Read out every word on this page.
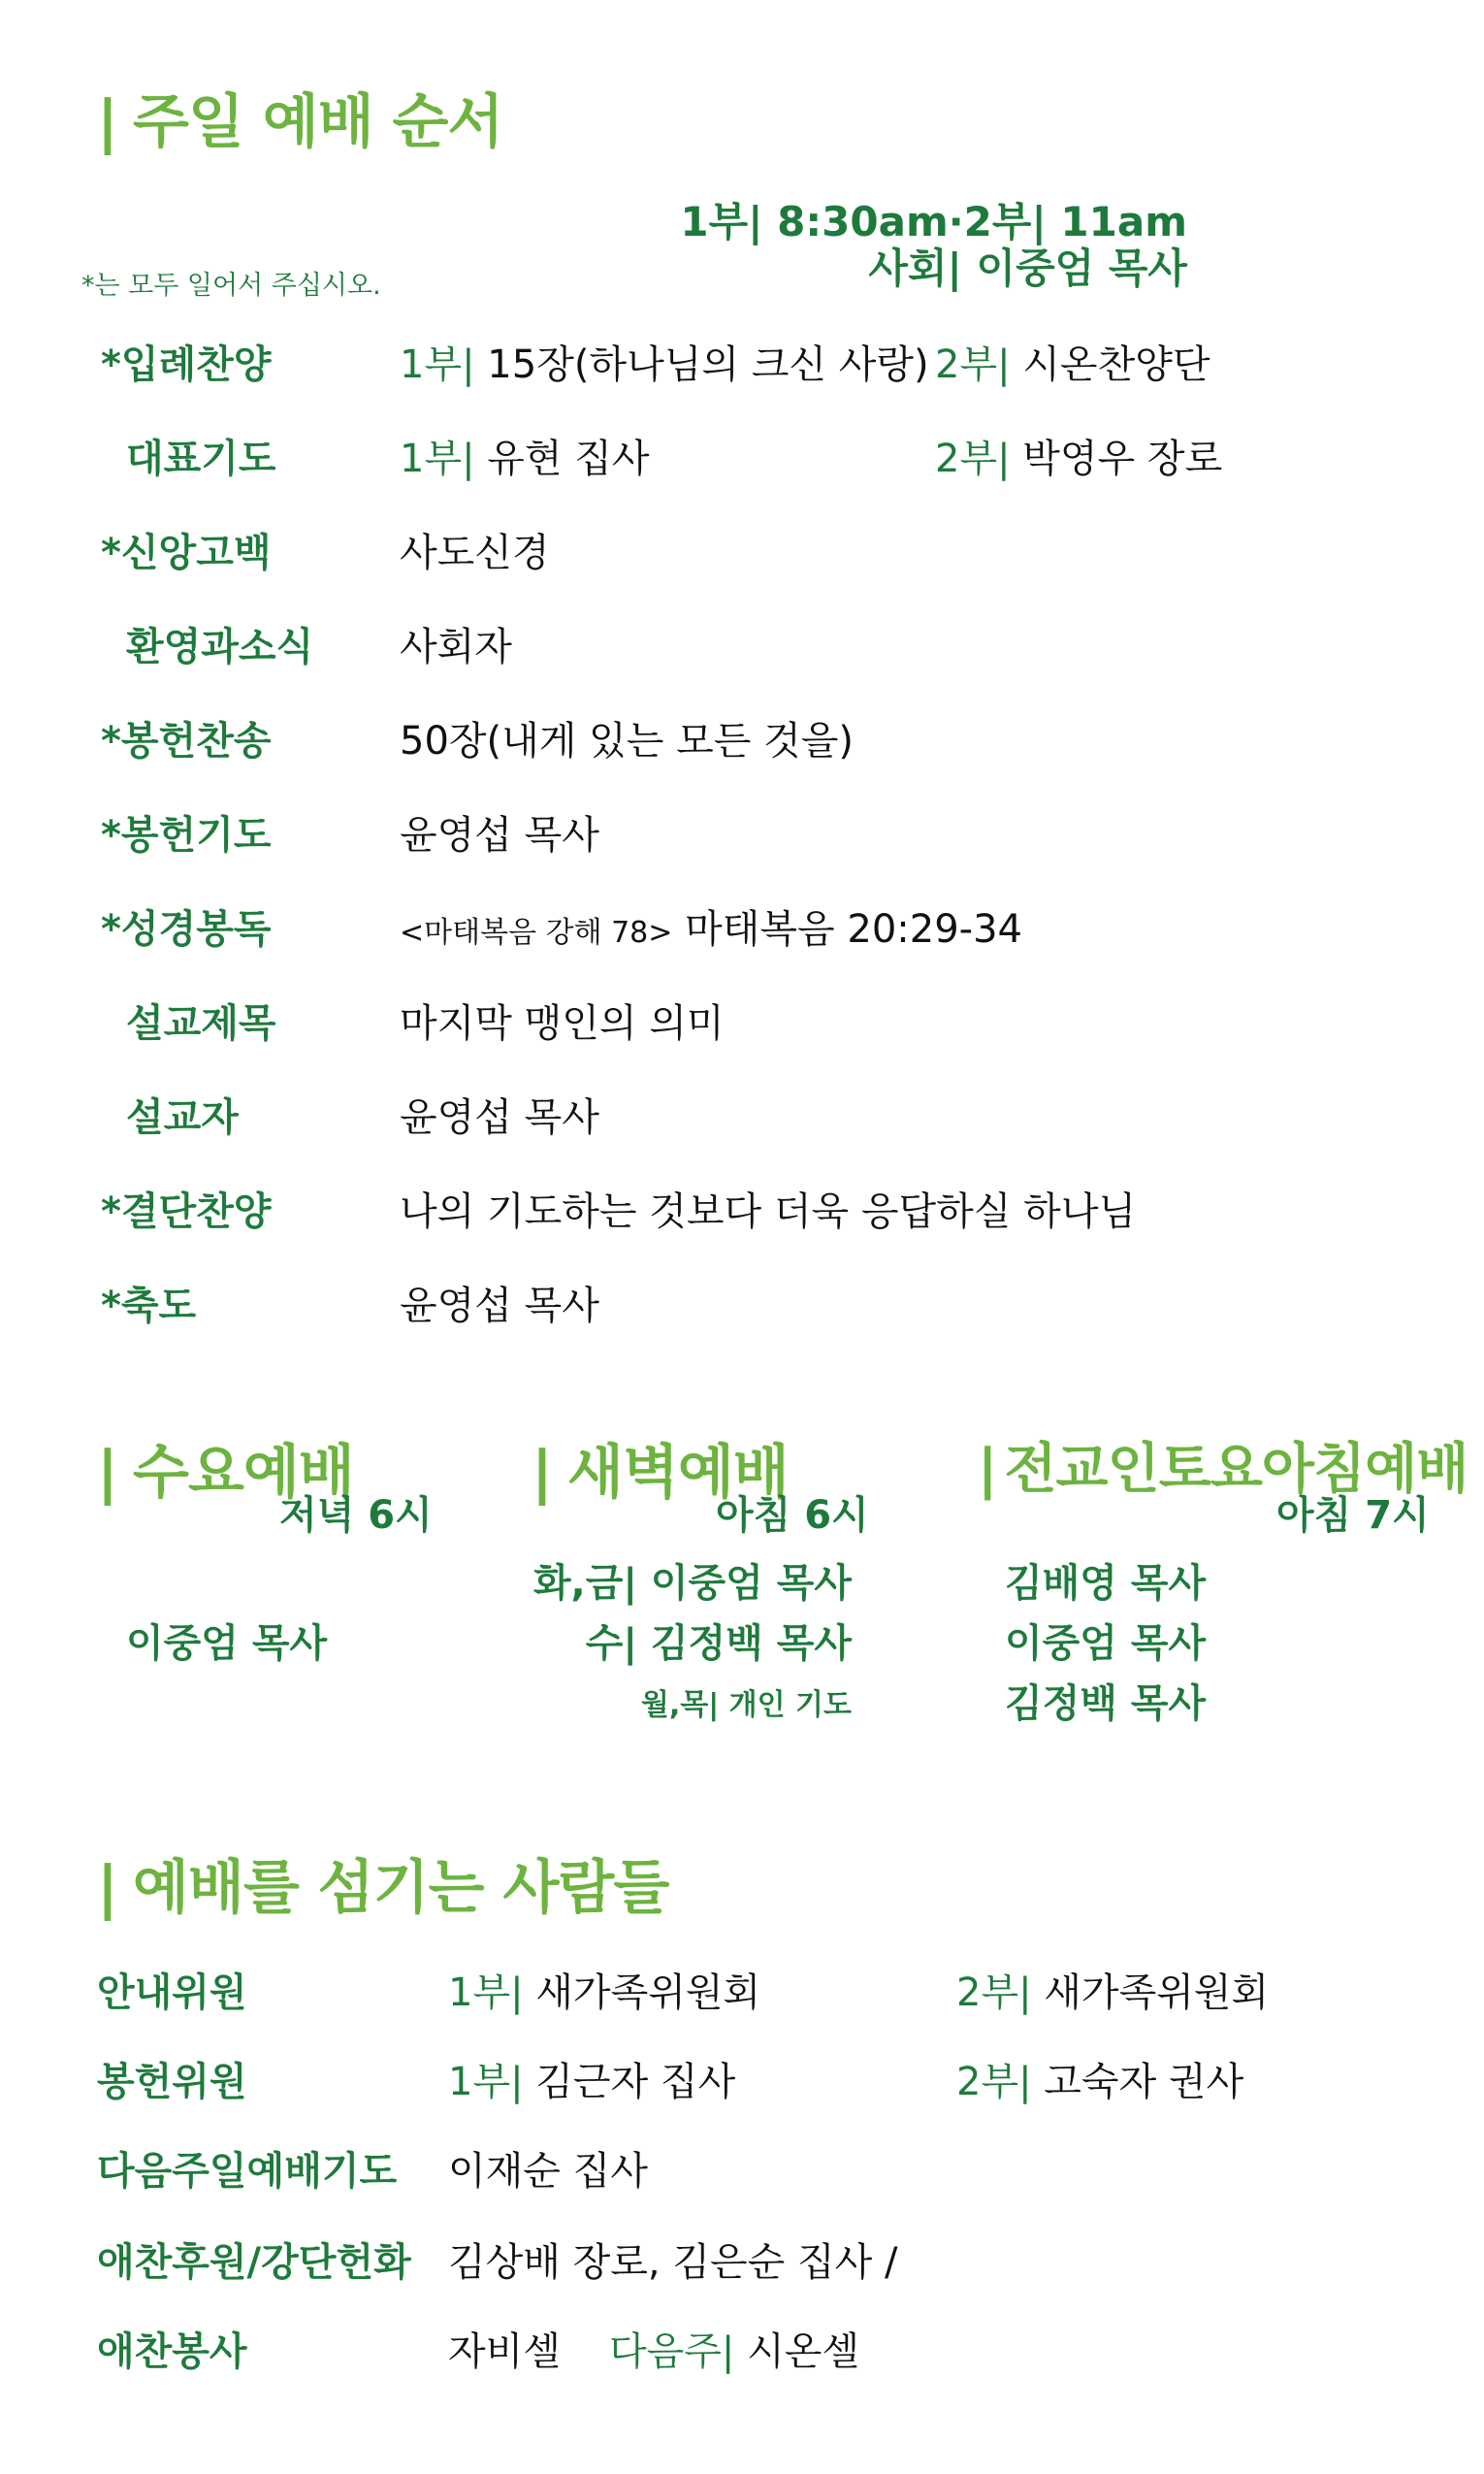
| 주일 예배 순서
1부| 8:30am·2부| 11am
사회| 이중엄 목사
*는 모두 일어서 주십시오.
*입례찬양	1부| 15장(하나님의 크신 사랑) 2부| 시온찬양단
대표기도	1부| 유현 집사	2부| 박영우 장로
*신앙고백	사도신경
환영과소식 사회자
*봉헌찬송	50장(내게 있는 모든 것을)
*봉헌기도	윤영섭 목사
*성경봉독	<마태복음 강해 78> 마태복음 20:29-34
설교제목	마지막 맹인의 의미
설교자	윤영섭 목사
*결단찬양	나의 기도하는 것보다 더욱 응답하실 하나님
*축도	윤영섭 목사
| 수요예배
저녁 6시
이중엄 목사
| 새벽예배
아침 6시
화,금| 이중엄 목사
수| 김정백 목사
월,목| 개인 기도
| 전교인토요아침예배
아침 7시
김배영 목사
이중엄 목사
김정백 목사
| 예배를 섬기는 사람들
안내위원	1부| 새가족위원회	2부| 새가족위원회
봉헌위원	1부| 김근자 집사	2부| 고숙자 권사
다음주일예배기도 이재순 집사
애찬후원/강단헌화 김상배 장로, 김은순 집사 /
애찬봉사	자비셀 다음주| 시온셀
